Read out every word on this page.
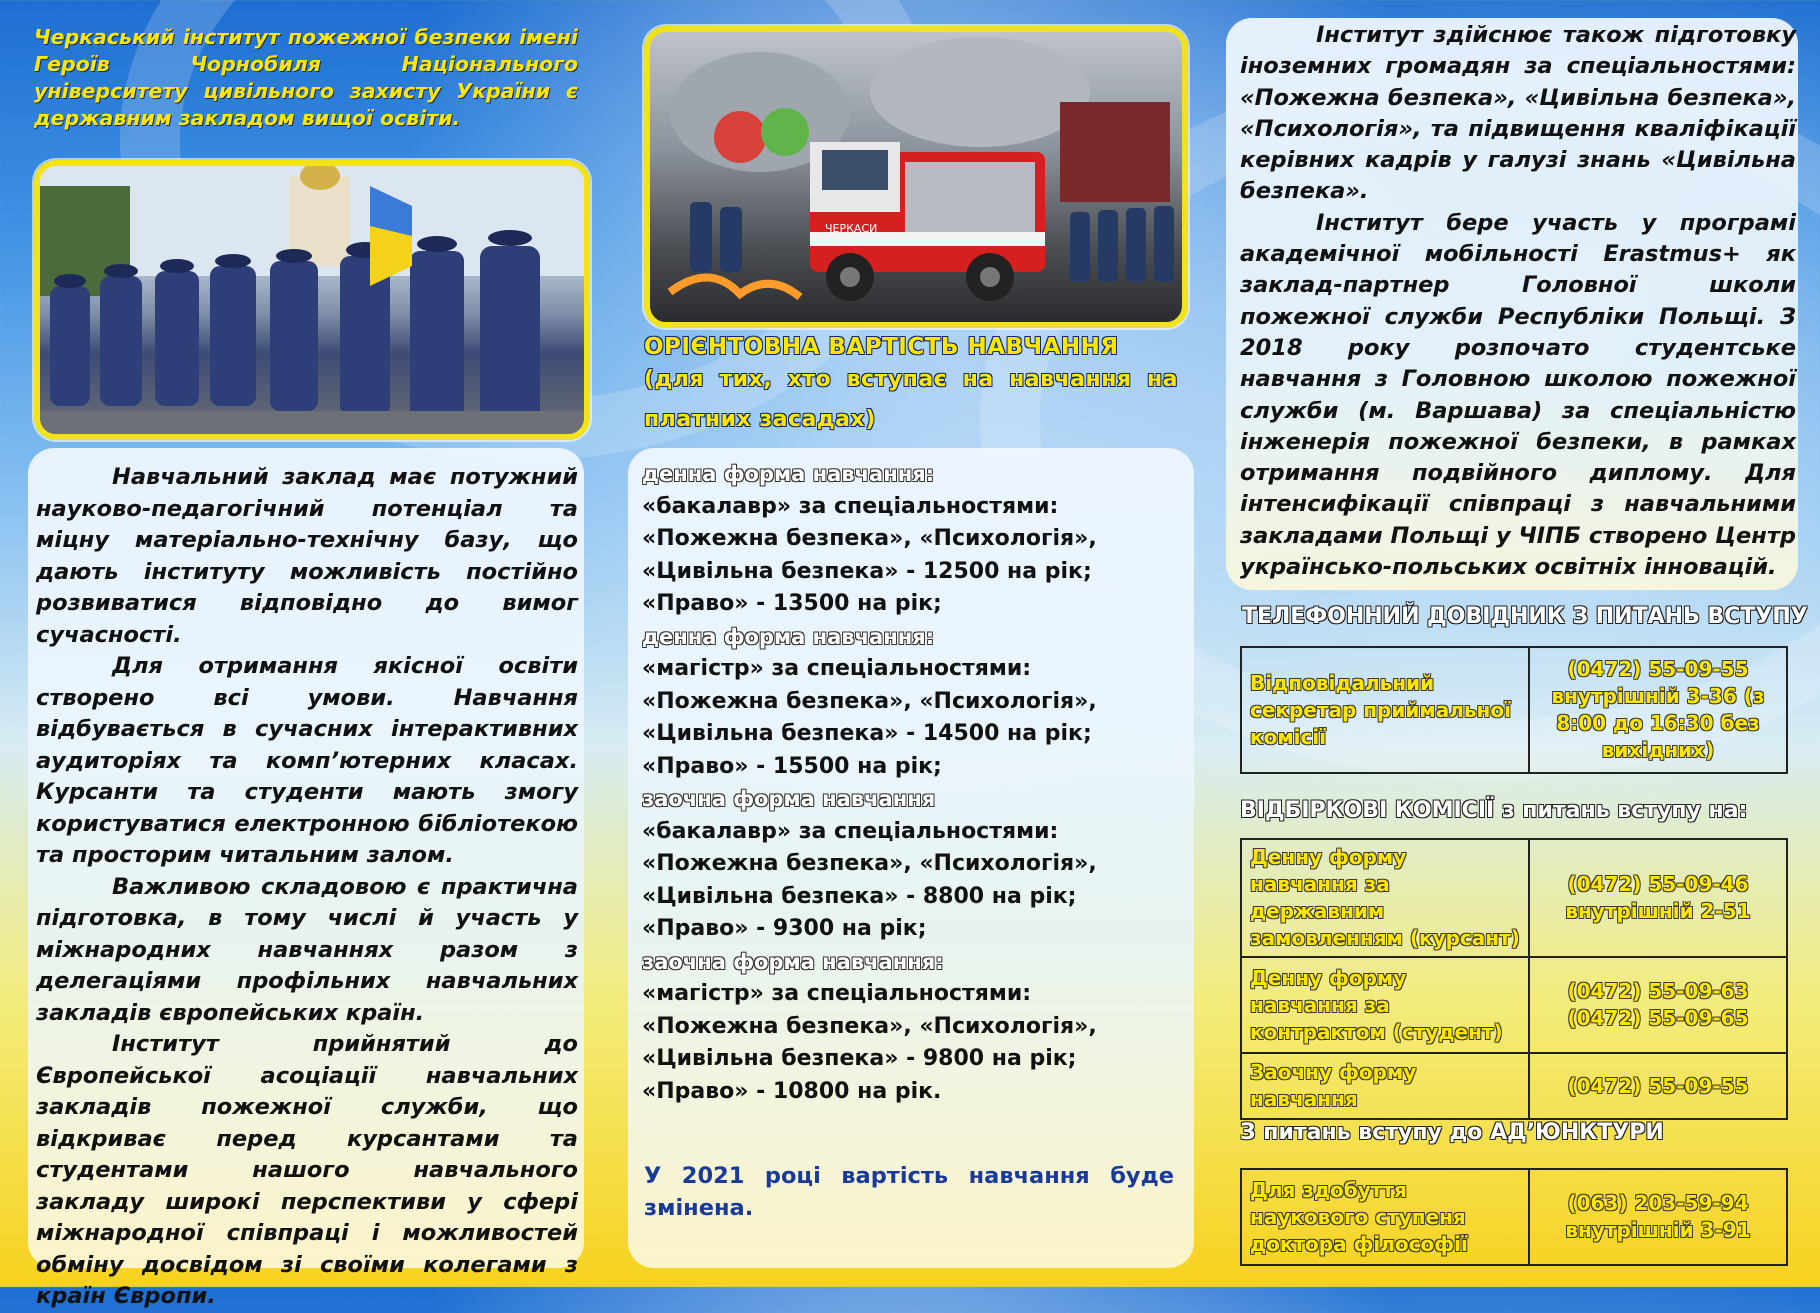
Черкаський інститут пожежної безпеки імені Героїв Чорнобиля Національного університету цивільного захисту України є державним закладом вищої освіти.

Навчальний заклад має потужний науково-педагогічний потенціал та міцну матеріально-технічну базу, що дають інституту можливість постійно розвиватися відповідно до вимог сучасності.

Для отримання якісної освіти створено всі умови. Навчання відбувається в сучасних інтерактивних аудиторіях та комп’ютерних класах. Курсанти та студенти мають змогу користуватися електронною бібліотекою та просторим читальним залом.

Важливою складовою є практична підготовка, в тому числі й участь у міжнародних навчаннях разом з делегаціями профільних навчальних закладів європейських країн.

Інститут прийнятий до Європейської асоціації навчальних закладів пожежної служби, що відкриває перед курсантами та студентами нашого навчального закладу широкі перспективи у сфері міжнародної співпраці і можливостей обміну досвідом зі своїми колегами з країн Європи.

ЧЕРКАСИ
ОРІЄНТОВНА ВАРТІСТЬ НАВЧАННЯ
(для тих, хто вступає на навчання на платних засадах)
денна форма навчання:
«бакалавр» за спеціальностями:
«Пожежна безпека», «Психологія»,
«Цивільна безпека» - 12500 на рік;
«Право» - 13500 на рік;
денна форма навчання:
«магістр» за спеціальностями:
«Пожежна безпека», «Психологія»,
«Цивільна безпека» - 14500 на рік;
«Право» - 15500 на рік;
заочна форма навчання
«бакалавр» за спеціальностями:
«Пожежна безпека», «Психологія»,
«Цивільна безпека» - 8800 на рік;
«Право» - 9300 на рік;
заочна форма навчання:
«магістр» за спеціальностями:
«Пожежна безпека», «Психологія»,
«Цивільна безпека» - 9800 на рік;
«Право» - 10800 на рік.
У 2021 році вартість навчання буде змінена.

Інститут здійснює також підготовку іноземних громадян за спеціальностями: «Пожежна безпека», «Цивільна безпека», «Психологія», та підвищення кваліфікації керівних кадрів у галузі знань «Цивільна безпека».

Інститут бере участь у програмі академічної мобільності Erastmus+ як заклад-партнер Головної школи пожежної служби Республіки Польщі. З 2018 року розпочато студентське навчання з Головною школою пожежної служби (м. Варшава) за спеціальністю інженерія пожежної безпеки, в рамках отримання подвійного диплому. Для інтенсифікації співпраці з навчальними закладами Польщі у ЧІПБ створено Центр українсько-польських освітніх інновацій.

ТЕЛЕФОННИЙ ДОВІДНИК З ПИТАНЬ ВСТУПУ
Відповідальний секретар приймальної комісії	(0472) 55-09-55 внутрішній 3-36 (з 8:00 до 16:30 без вихідних)
ВІДБІРКОВІ КОМІСІЇ з питань вступу на:
Денну форму навчання за державним замовленням (курсант)	(0472) 55-09-46 внутрішній 2-51
Денну форму навчання за контрактом (студент)	(0472) 55-09-63 (0472) 55-09-65
Заочну форму навчання	(0472) 55-09-55
З питань вступу до АД’ЮНКТУРИ
Для здобуття наукового ступеня доктора філософії	(063) 203-59-94 внутрішній 3-91
